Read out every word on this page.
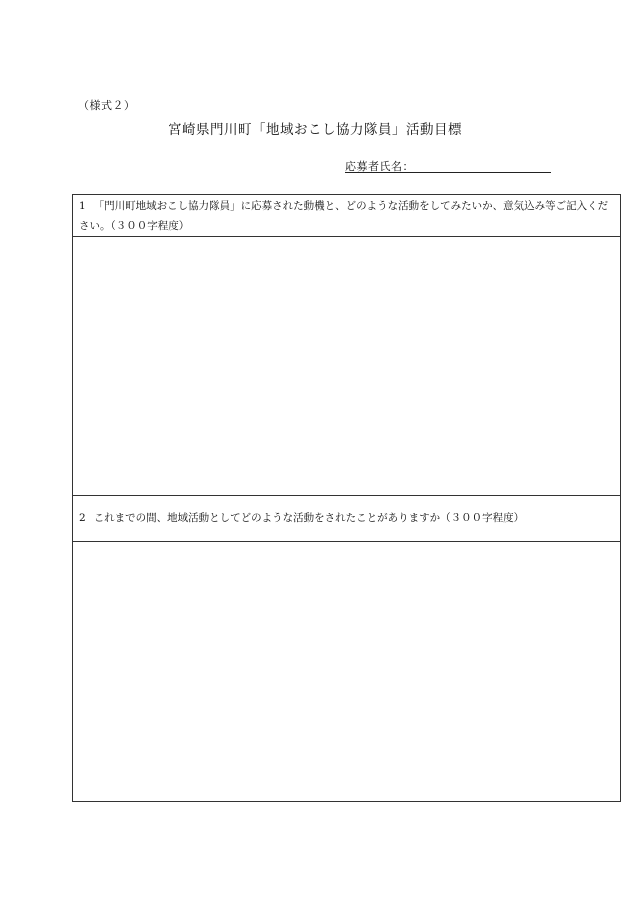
（様式２）
宮崎県門川町「地域おこし協力隊員」活動目標
応募者氏名：
1 「門川町地域おこし協力隊員」に応募された動機と、どのような活動をしてみたいか、意気込み等ご記入ください。（３００字程度）
2 これまでの間、地域活動としてどのような活動をされたことがありますか（３００字程度）
